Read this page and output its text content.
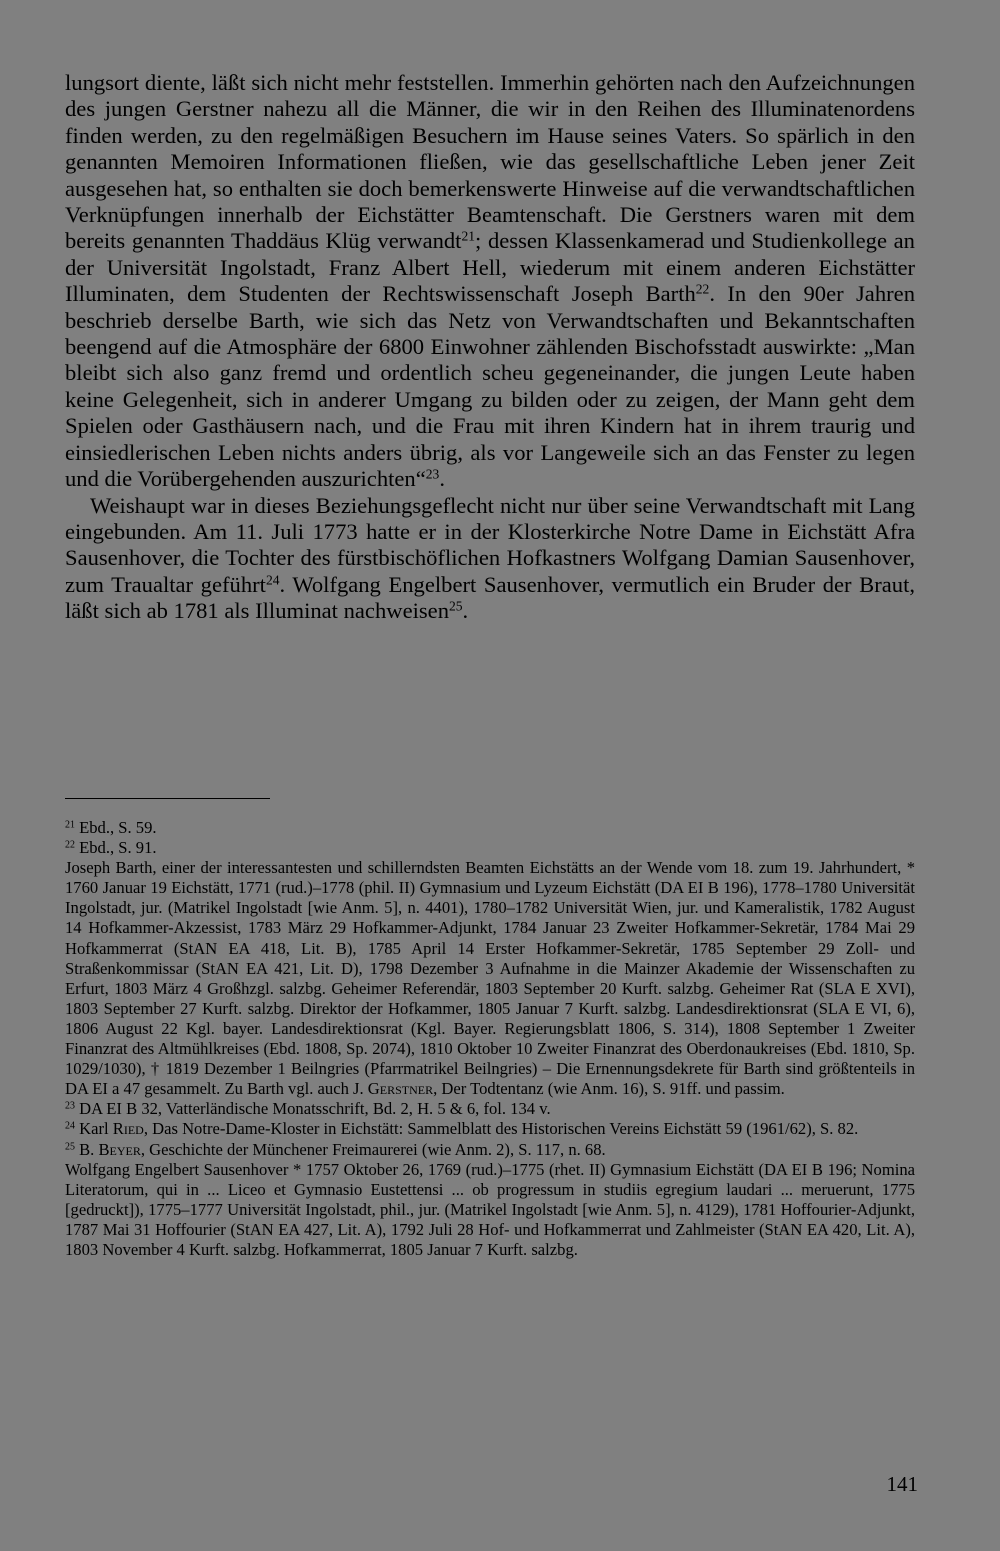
lungsort diente, läßt sich nicht mehr feststellen. Immerhin gehörten nach den Aufzeichnungen des jungen Gerstner nahezu all die Männer, die wir in den Reihen des Illuminatenordens finden werden, zu den regelmäßigen Besuchern im Hause seines Vaters. So spärlich in den genannten Memoiren Informationen fließen, wie das gesellschaftliche Leben jener Zeit ausgesehen hat, so enthalten sie doch bemerkenswerte Hinweise auf die verwandtschaftlichen Verknüpfungen innerhalb der Eichstätter Beamtenschaft. Die Gerstners waren mit dem bereits genannten Thaddäus Klüg verwandt$^{21}$; dessen Klassenkamerad und Studienkollege an der Universität Ingolstadt, Franz Albert Hell, wiederum mit einem anderen Eichstätter Illuminaten, dem Studenten der Rechtswissenschaft Joseph Barth$^{22}$. In den 90er Jahren beschrieb derselbe Barth, wie sich das Netz von Verwandtschaften und Bekanntschaften beengend auf die Atmosphäre der 6800 Einwohner zählenden Bischofsstadt auswirkte: „Man bleibt sich also ganz fremd und ordentlich scheu gegeneinander, die jungen Leute haben keine Gelegenheit, sich in anderer Umgang zu bilden oder zu zeigen, der Mann geht dem Spielen oder Gasthäusern nach, und die Frau mit ihren Kindern hat in ihrem traurig und einsiedlerischen Leben nichts anders übrig, als vor Langeweile sich an das Fenster zu legen und die Vorübergehenden auszurichten“$^{23}$.

Weishaupt war in dieses Beziehungsgeflecht nicht nur über seine Verwandtschaft mit Lang eingebunden. Am 11. Juli 1773 hatte er in der Klosterkirche Notre Dame in Eichstätt Afra Sausenhover, die Tochter des fürstbischöflichen Hofkastners Wolfgang Damian Sausenhover, zum Traualtar geführt$^{24}$. Wolfgang Engelbert Sausenhover, vermutlich ein Bruder der Braut, läßt sich ab 1781 als Illuminat nachweisen$^{25}$.

$^{21}$ Ebd., S. 59.

$^{22}$ Ebd., S. 91.

Joseph Barth, einer der interessantesten und schillerndsten Beamten Eichstätts an der Wende vom 18. zum 19. Jahrhundert, * 1760 Januar 19 Eichstätt, 1771 (rud.)–1778 (phil. II) Gymnasium und Lyzeum Eichstätt (DA EI B 196), 1778–1780 Universität Ingolstadt, jur. (Matrikel Ingolstadt [wie Anm. 5], n. 4401), 1780–1782 Universität Wien, jur. und Kameralistik, 1782 August 14 Hofkammer-Akzessist, 1783 März 29 Hofkammer-Adjunkt, 1784 Januar 23 Zweiter Hofkammer-Sekretär, 1784 Mai 29 Hofkammerrat (StAN EA 418, Lit. B), 1785 April 14 Erster Hofkammer-Sekretär, 1785 September 29 Zoll- und Straßenkommissar (StAN EA 421, Lit. D), 1798 Dezember 3 Aufnahme in die Mainzer Akademie der Wissenschaften zu Erfurt, 1803 März 4 Großhzgl. salzbg. Geheimer Referendär, 1803 September 20 Kurft. salzbg. Geheimer Rat (SLA E XVI), 1803 September 27 Kurft. salzbg. Direktor der Hofkammer, 1805 Januar 7 Kurft. salzbg. Landesdirektionsrat (SLA E VI, 6), 1806 August 22 Kgl. bayer. Landesdirektionsrat (Kgl. Bayer. Regierungsblatt 1806, S. 314), 1808 September 1 Zweiter Finanzrat des Altmühlkreises (Ebd. 1808, Sp. 2074), 1810 Oktober 10 Zweiter Finanzrat des Oberdonaukreises (Ebd. 1810, Sp. 1029/1030), † 1819 Dezember 1 Beilngries (Pfarrmatrikel Beilngries) – Die Ernennungsdekrete für Barth sind größtenteils in DA EI a 47 gesammelt. Zu Barth vgl. auch J. Gerstner, Der Todtentanz (wie Anm. 16), S. 91ff. und passim.

$^{23}$ DA EI B 32, Vatterländische Monatsschrift, Bd. 2, H. 5 & 6, fol. 134 v.

$^{24}$ Karl Ried, Das Notre-Dame-Kloster in Eichstätt: Sammelblatt des Historischen Vereins Eichstätt 59 (1961/62), S. 82.

$^{25}$ B. Beyer, Geschichte der Münchener Freimaurerei (wie Anm. 2), S. 117, n. 68.

Wolfgang Engelbert Sausenhover * 1757 Oktober 26, 1769 (rud.)–1775 (rhet. II) Gymnasium Eichstätt (DA EI B 196; Nomina Literatorum, qui in ... Liceo et Gymnasio Eustettensi ... ob progressum in studiis egregium laudari ... meruerunt, 1775 [gedruckt]), 1775–1777 Universität Ingolstadt, phil., jur. (Matrikel Ingolstadt [wie Anm. 5], n. 4129), 1781 Hoffourier-Adjunkt, 1787 Mai 31 Hoffourier (StAN EA 427, Lit. A), 1792 Juli 28 Hof- und Hofkammerrat und Zahlmeister (StAN EA 420, Lit. A), 1803 November 4 Kurft. salzbg. Hofkammerrat, 1805 Januar 7 Kurft. salzbg.

141
